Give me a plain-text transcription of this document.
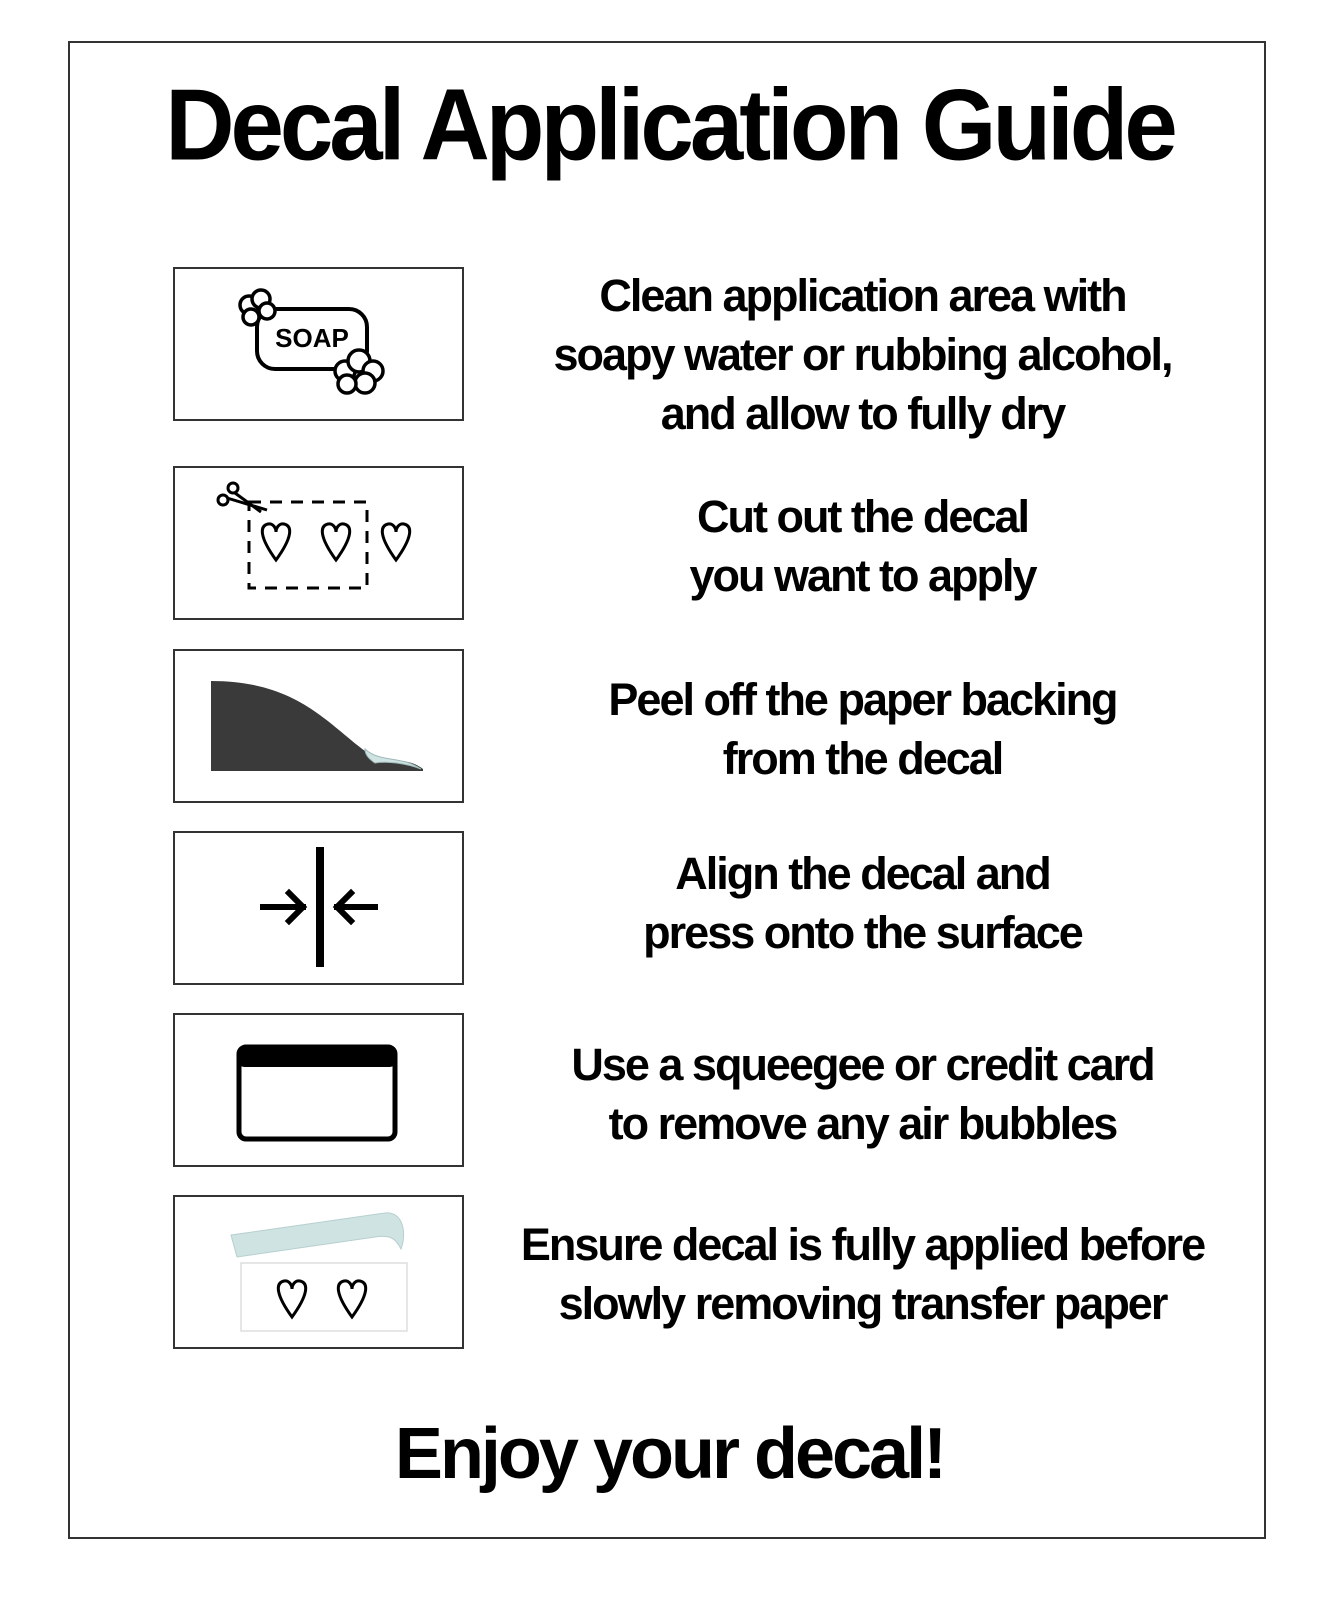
Decal Application Guide
SOAP
Clean application area with
soapy water or rubbing alcohol,
and allow to fully dry
Cut out the decal
you want to apply
Peel off the paper backing
from the decal
Align the decal and
press onto the surface
Use a squeegee or credit card
to remove any air bubbles
Ensure decal is fully applied before
slowly removing transfer paper
Enjoy your decal!
